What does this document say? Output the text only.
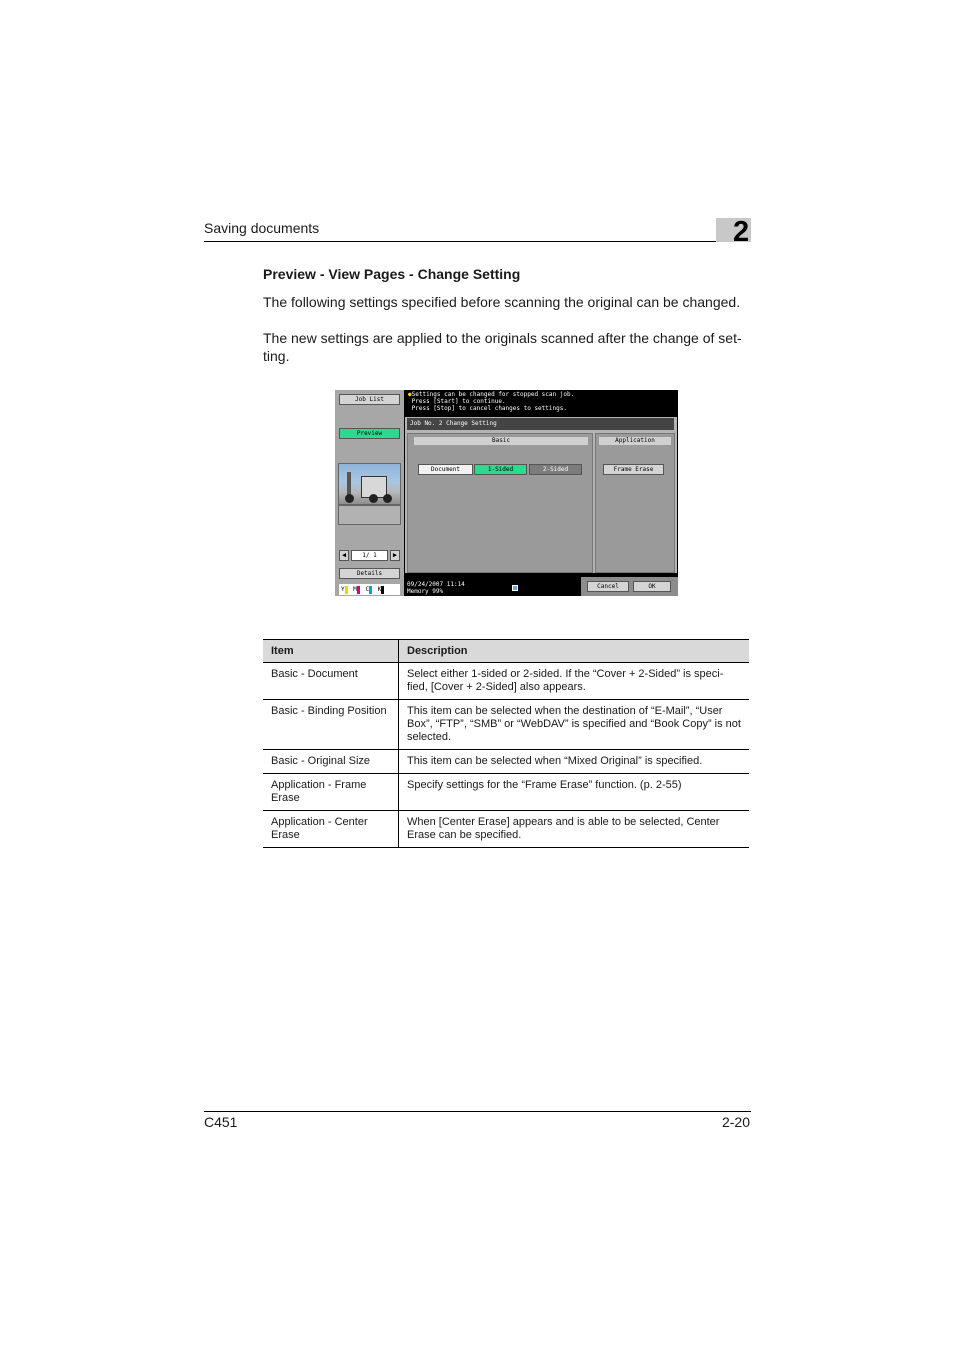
Saving documents	2
Preview - View Pages - Change Setting
The following settings specified before scanning the original can be changed.
The new settings are applied to the originals scanned after the change of set-ting.
Job List
Preview
◀	1/ 1	▶
Details
Y M C K
●Settings can be changed for stopped scan job.
Press [Start] to continue.
Press [Stop] to cancel changes to settings.
Job No. 2 Change Setting
Basic
Document	1-Sided	2-Sided
Application
Frame Erase
09/24/2007 11:14
Memory 99%
Cancel	OK
Item	Description
Basic - Document	Select either 1-sided or 2-sided. If the “Cover + 2-Sided” is speci-fied, [Cover + 2-Sided] also appears.
Basic - Binding Position	This item can be selected when the destination of “E-Mail”, “User Box”, “FTP”, “SMB” or “WebDAV” is specified and “Book Copy” is not selected.
Basic - Original Size	This item can be selected when “Mixed Original” is specified.
Application - Frame Erase	Specify settings for the “Frame Erase” function. (p. 2-55)
Application - Center Erase	When [Center Erase] appears and is able to be selected, Center Erase can be specified.
C451	2-20
